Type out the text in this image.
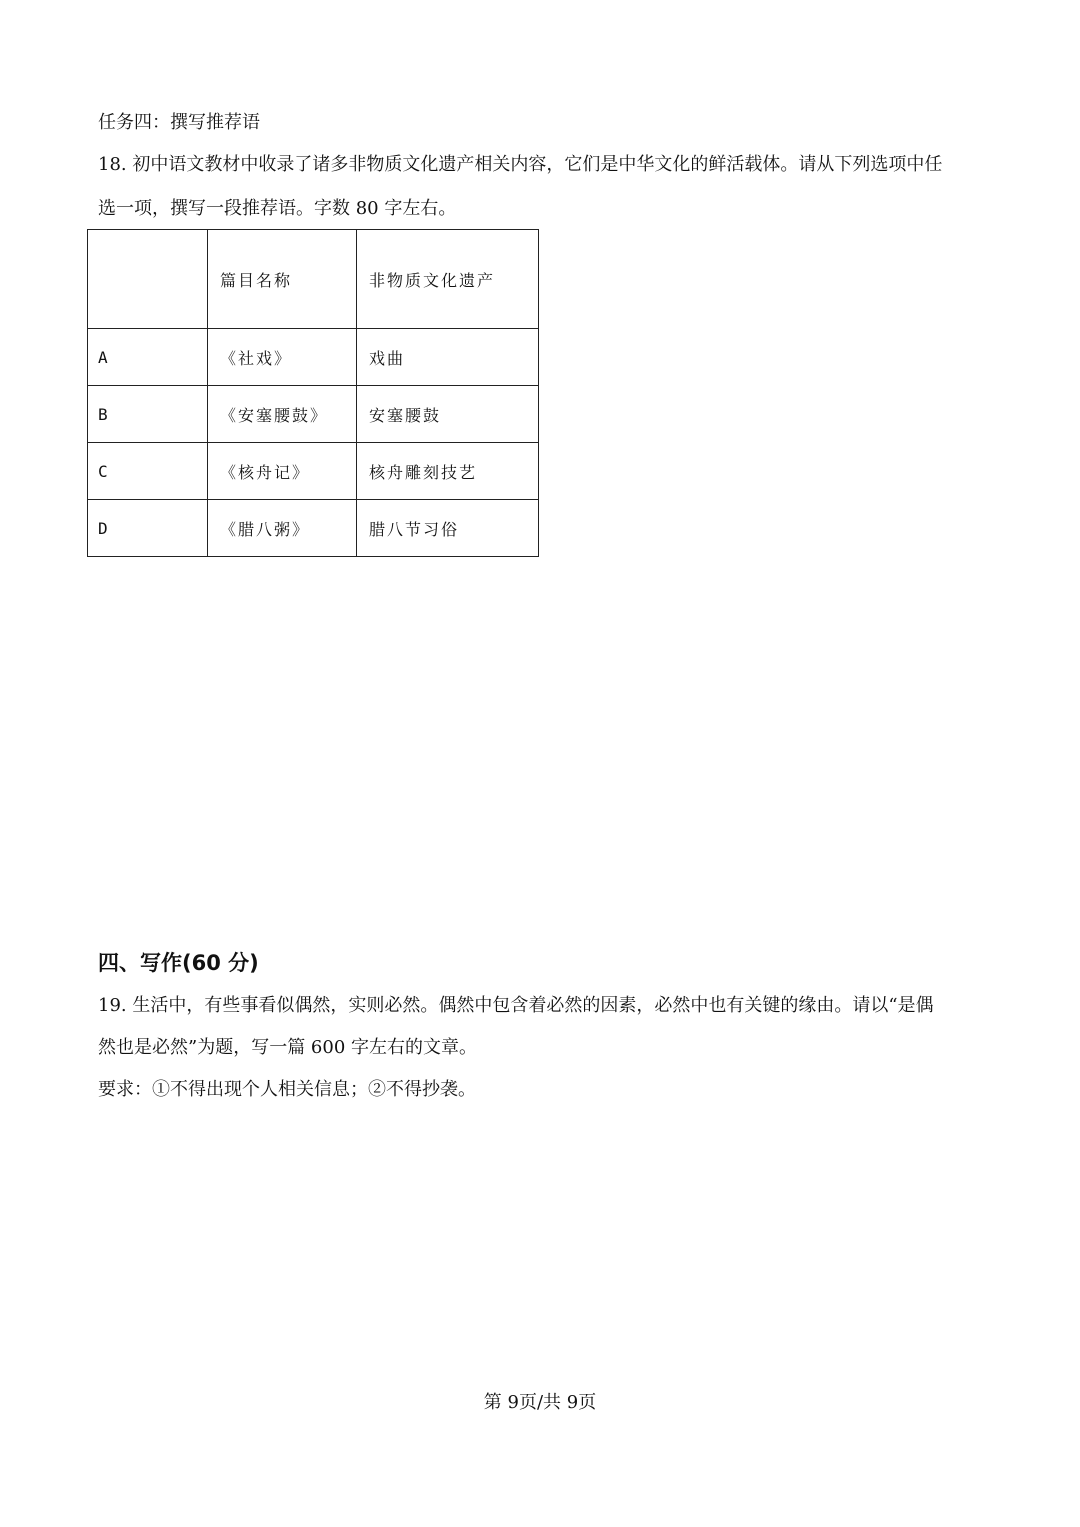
任务四：撰写推荐语
18. 初中语文教材中收录了诸多非物质文化遗产相关内容，它们是中华文化的鲜活载体。请从下列选项中任
选一项，撰写一段推荐语。字数 80 字左右。
	篇目名称	非物质文化遗产
A	《社戏》	戏曲
B	《安塞腰鼓》	安塞腰鼓
C	《核舟记》	核舟雕刻技艺
D	《腊八粥》	腊八节习俗
四、写作(60 分)
19. 生活中，有些事看似偶然，实则必然。偶然中包含着必然的因素，必然中也有关键的缘由。请以“是偶
然也是必然”为题，写一篇 600 字左右的文章。
要求：①不得出现个人相关信息；②不得抄袭。
第 9页/共 9页
